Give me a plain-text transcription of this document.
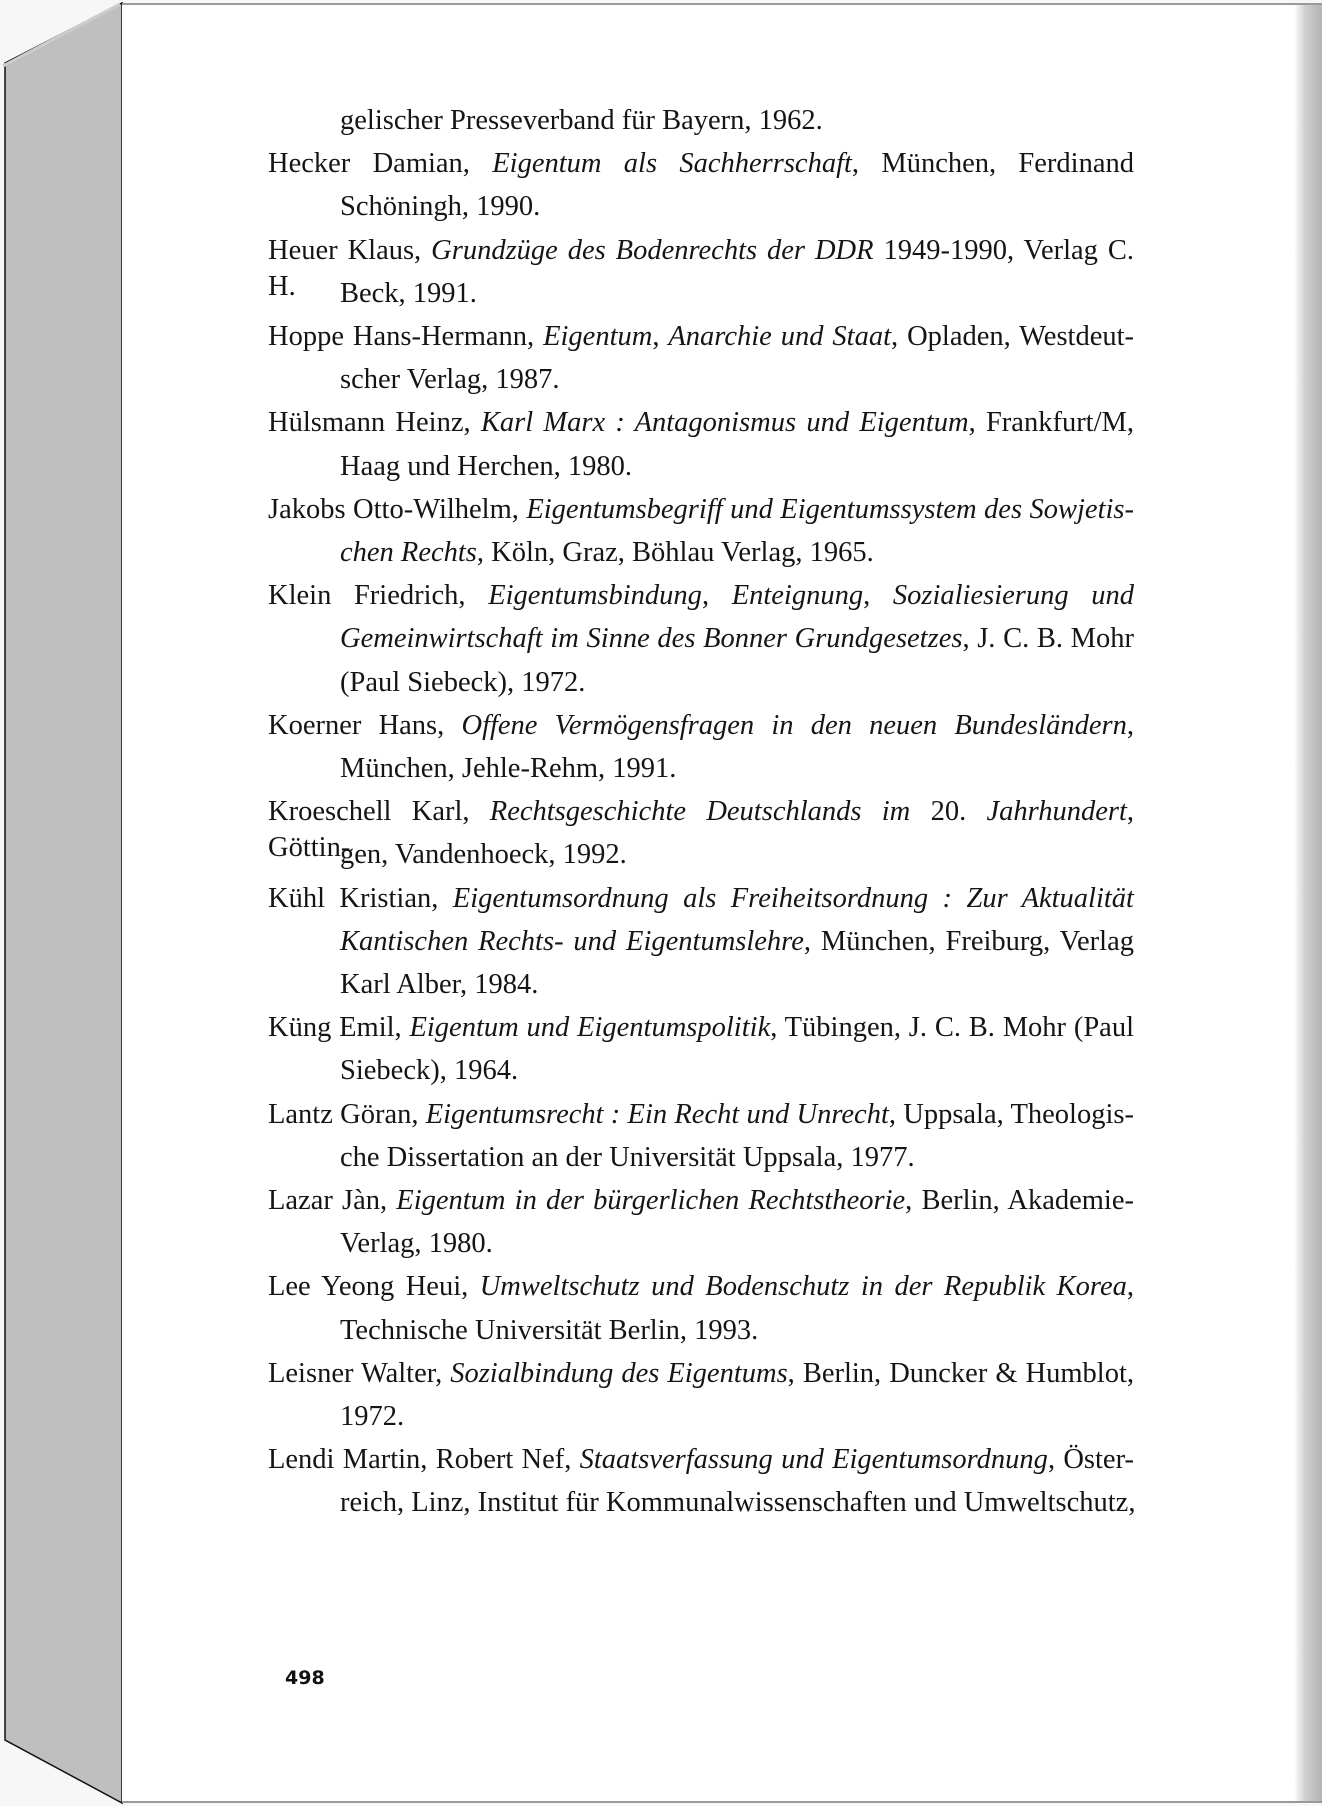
gelischer Presseverband für Bayern, 1962.
Hecker Damian, Eigentum als Sachherrschaft, München, Ferdinand
Schöningh, 1990.
Heuer Klaus, Grundzüge des Bodenrechts der DDR 1949-1990, Verlag C. H.	Beck, 1991.
Hoppe Hans-Hermann, Eigentum, Anarchie und Staat, Opladen, Westdeut-
scher Verlag, 1987.
Hülsmann Heinz, Karl Marx : Antagonismus und Eigentum, Frankfurt/M,
Haag und Herchen, 1980.
Jakobs Otto-Wilhelm, Eigentumsbegriff und Eigentumssystem des Sowjetis-
chen Rechts, Köln, Graz, Böhlau Verlag, 1965.
Klein Friedrich, Eigentumsbindung, Enteignung, Sozialiesierung und
Gemeinwirtschaft im Sinne des Bonner Grundgesetzes, J. C. B. Mohr
(Paul Siebeck), 1972.
Koerner Hans, Offene Vermögensfragen in den neuen Bundesländern,
München, Jehle-Rehm, 1991.
Kroeschell Karl, Rechtsgeschichte Deutschlands im 20. Jahrhundert, Göttin-
gen, Vandenhoeck, 1992.
Kühl Kristian, Eigentumsordnung als Freiheitsordnung : Zur Aktualität
Kantischen Rechts- und Eigentumslehre, München, Freiburg, Verlag
Karl Alber, 1984.
Küng Emil, Eigentum und Eigentumspolitik, Tübingen, J. C. B. Mohr (Paul
Siebeck), 1964.
Lantz Göran, Eigentumsrecht : Ein Recht und Unrecht, Uppsala, Theologis-
che Dissertation an der Universität Uppsala, 1977.
Lazar Jàn, Eigentum in der bürgerlichen Rechtstheorie, Berlin, Akademie-
Verlag, 1980.
Lee Yeong Heui, Umweltschutz und Bodenschutz in der Republik Korea,
Technische Universität Berlin, 1993.
Leisner Walter, Sozialbindung des Eigentums, Berlin, Duncker & Humblot,
1972.
Lendi Martin, Robert Nef, Staatsverfassung und Eigentumsordnung, Öster-
reich, Linz, Institut für Kommunalwissenschaften und Umweltschutz,
498
